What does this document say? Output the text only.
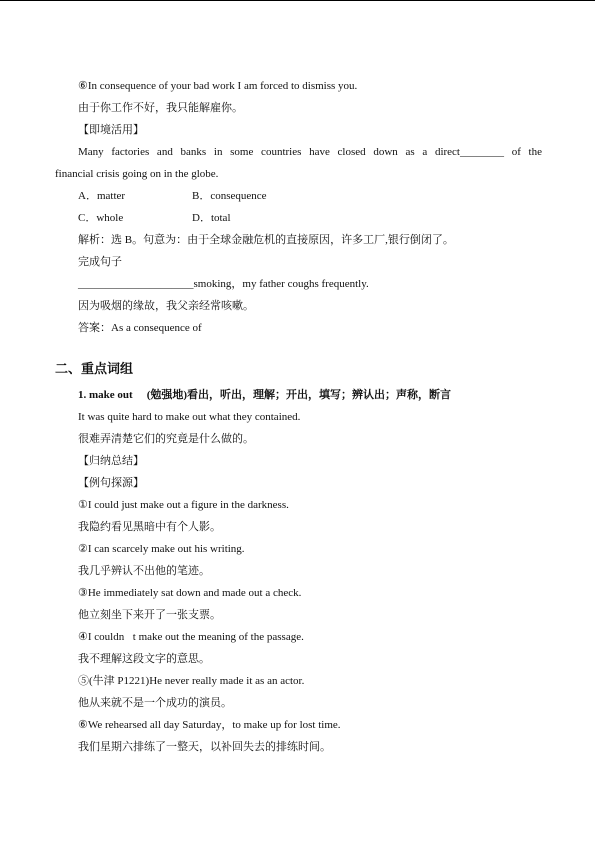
⑥In consequence of your bad work I am forced to dismiss you.
由于你工作不好，我只能解雇你。
【即境活用】
Many factories and banks in some countries have closed down as a direct________ of the
financial crisis going on in the globe.
A．matter	B．consequence
C．whole	D．total
解析：选 B。句意为：由于全球金融危机的直接原因，许多工厂,银行倒闭了。
完成句子
_____________________smoking，my father coughs frequently.
因为吸烟的缘故，我父亲经常咳嗽。
答案：As a consequence of
二、重点词组
1. make out (勉强地)看出，听出，理解；开出，填写；辨认出；声称，断言
It was quite hard to make out what they contained.
很难弄清楚它们的究竟是什么做的。
【归纳总结】
【例句探源】
①I could just make out a figure in the darkness.
我隐约看见黑暗中有个人影。
②I can scarcely make out his writing.
我几乎辨认不出他的笔迹。
③He immediately sat down and made out a check.
他立刻坐下来开了一张支票。
④I couldn t make out the meaning of the passage.
我不理解这段文字的意思。
⑤(牛津 P1221)He never really made it as an actor.
他从来就不是一个成功的演员。
⑥We rehearsed all day Saturday，to make up for lost time.
我们星期六排练了一整天，以补回失去的排练时间。
